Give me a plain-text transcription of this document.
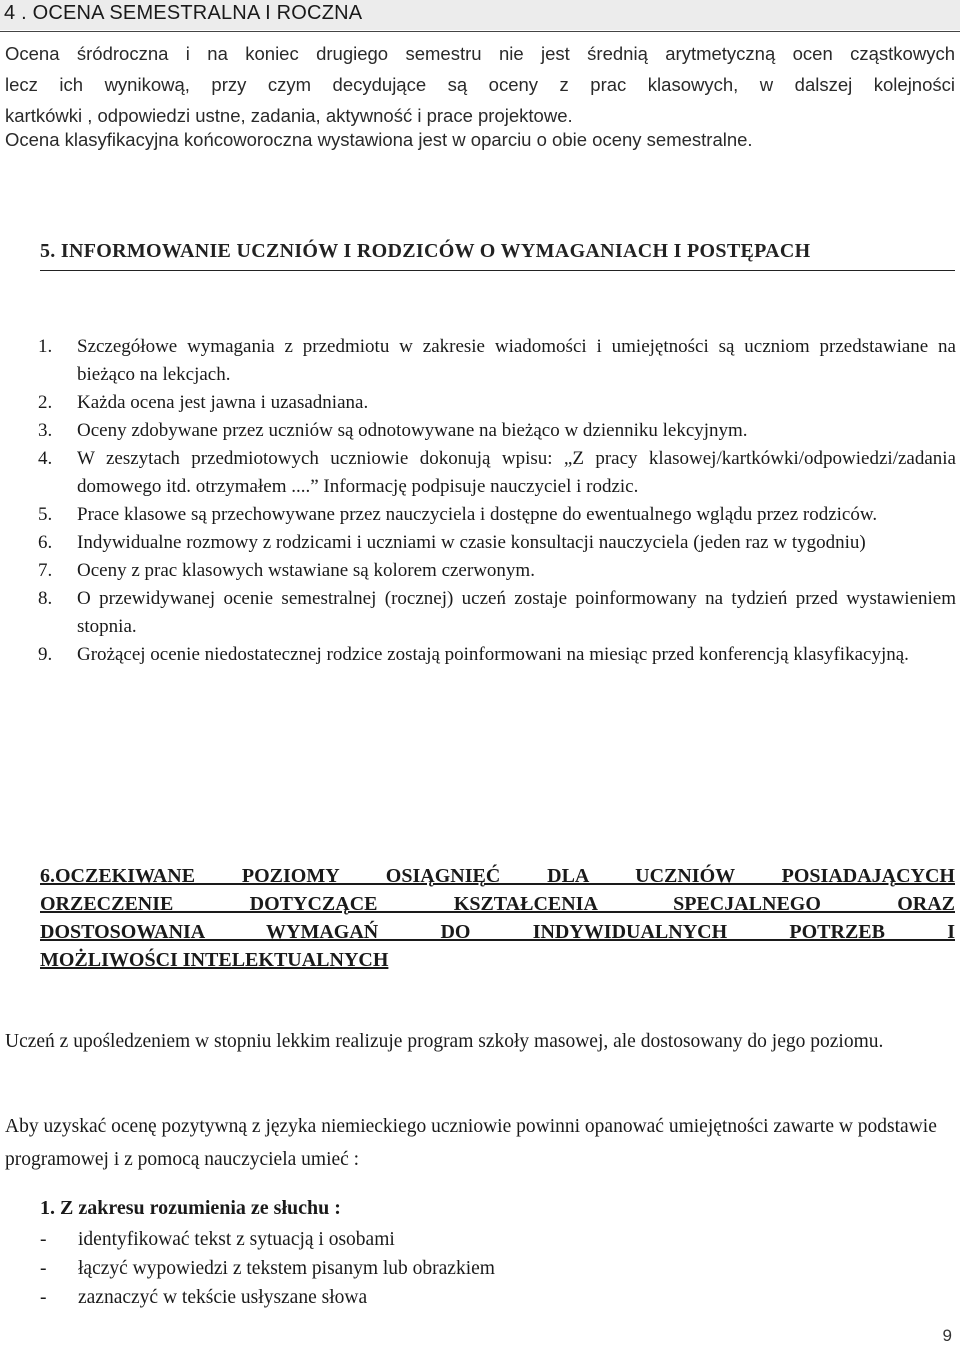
4 . OCENA SEMESTRALNA I ROCZNA
Ocena śródroczna i na koniec drugiego semestru nie jest średnią arytmetyczną ocen cząstkowych
lecz ich wynikową, przy czym decydujące są oceny z prac klasowych, w dalszej kolejności
kartkówki , odpowiedzi ustne, zadania, aktywność i prace projektowe.
Ocena klasyfikacyjna końcoworoczna wystawiona jest w oparciu o obie oceny semestralne.
5. INFORMOWANIE UCZNIÓW I RODZICÓW O WYMAGANIACH I POSTĘPACH
1. Szczegółowe wymagania z przedmiotu w zakresie wiadomości i umiejętności są uczniom przedstawiane na bieżąco na lekcjach.
2. Każda ocena jest jawna i uzasadniana.
3. Oceny zdobywane przez uczniów są odnotowywane na bieżąco w dzienniku lekcyjnym.
4. W zeszytach przedmiotowych uczniowie dokonują wpisu: „Z pracy klasowej/kartkówki/odpowiedzi/zadania domowego itd. otrzymałem ....” Informację podpisuje nauczyciel i rodzic.
5. Prace klasowe są przechowywane przez nauczyciela i dostępne do ewentualnego wglądu przez rodziców.
6. Indywidualne rozmowy z rodzicami i uczniami w czasie konsultacji nauczyciela (jeden raz w tygodniu)
7. Oceny z prac klasowych wstawiane są kolorem czerwonym.
8. O przewidywanej ocenie semestralnej (rocznej) uczeń zostaje poinformowany na tydzień przed wystawieniem stopnia.
9. Grożącej ocenie niedostatecznej rodzice zostają poinformowani na miesiąc przed konferencją klasyfikacyjną.
6.OCZEKIWANE POZIOMY OSIĄGNIĘĆ DLA UCZNIÓW POSIADAJĄCYCH
ORZECZENIE DOTYCZĄCE KSZTAŁCENIA SPECJALNEGO ORAZ
DOSTOSOWANIA WYMAGAŃ DO INDYWIDUALNYCH POTRZEB I
MOŻLIWOŚCI INTELEKTUALNYCH
Uczeń z upośledzeniem w stopniu lekkim realizuje program szkoły masowej, ale dostosowany do jego poziomu.
Aby uzyskać ocenę pozytywną z języka niemieckiego uczniowie powinni opanować umiejętności zawarte w podstawie programowej i z pomocą nauczyciela umieć :
1. Z zakresu rozumienia ze słuchu :
- identyfikować tekst z sytuacją i osobami
- łączyć wypowiedzi z tekstem pisanym lub obrazkiem
- zaznaczyć w tekście usłyszane słowa
9
